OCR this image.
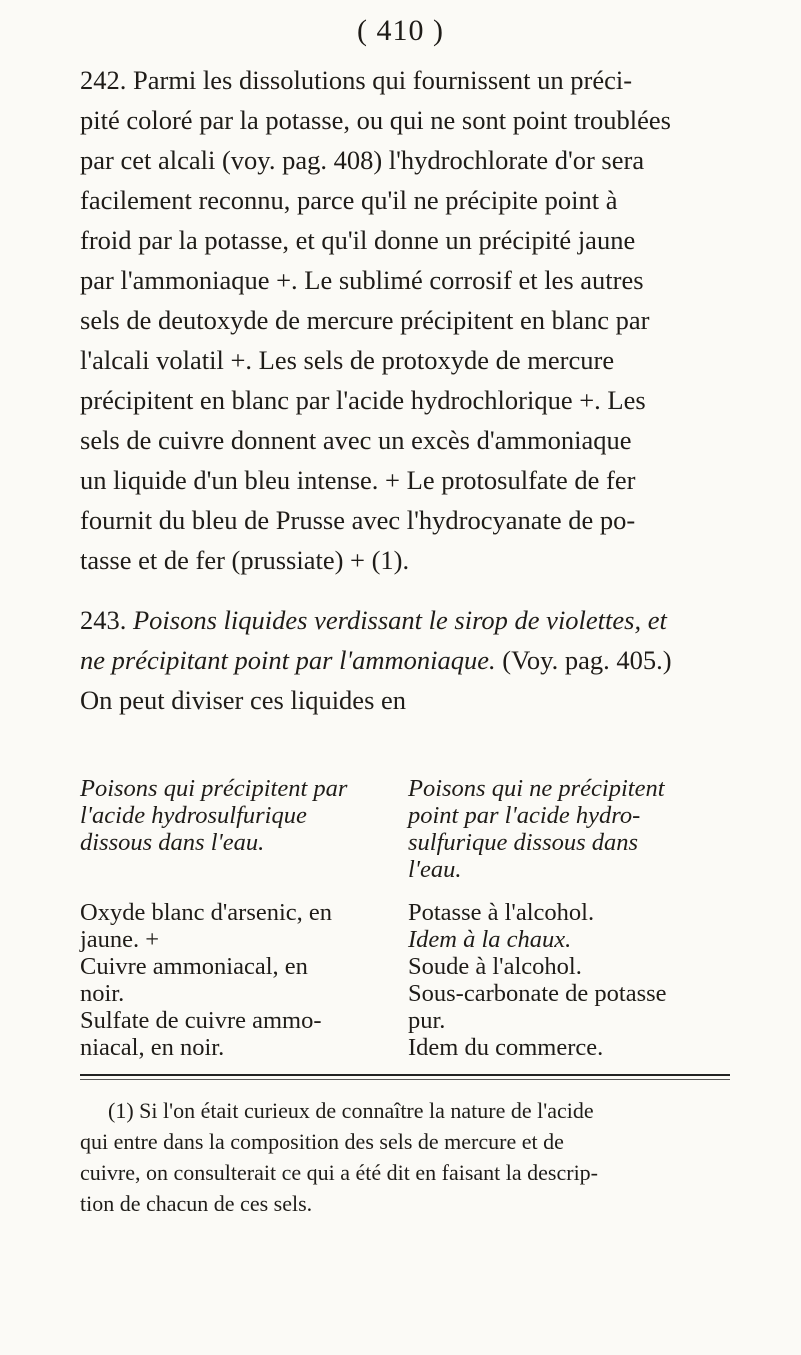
( 410 )
242. Parmi les dissolutions qui fournissent un préci-
pité coloré par la potasse, ou qui ne sont point troublées
par cet alcali (voy. pag. 408) l'hydrochlorate d'or sera
facilement reconnu, parce qu'il ne précipite point à
froid par la potasse, et qu'il donne un précipité jaune
par l'ammoniaque +. Le sublimé corrosif et les autres
sels de deutoxyde de mercure précipitent en blanc par
l'alcali volatil +. Les sels de protoxyde de mercure
précipitent en blanc par l'acide hydrochlorique +. Les
sels de cuivre donnent avec un excès d'ammoniaque
un liquide d'un bleu intense. + Le protosulfate de fer
fournit du bleu de Prusse avec l'hydrocyanate de po-
tasse et de fer (prussiate) + (1).
243. Poisons liquides verdissant le sirop de violettes, et
ne précipitant point par l'ammoniaque. (Voy. pag. 405.)
On peut diviser ces liquides en
Poisons qui précipitent par
l'acide hydrosulfurique
dissous dans l'eau.
Poisons qui ne précipitent
point par l'acide hydro-
sulfurique dissous dans
l'eau.
Oxyde blanc d'arsenic, en
jaune. +
Cuivre ammoniacal, en
noir.
Sulfate de cuivre ammo-
niacal, en noir.
Potasse à l'alcohol.
Idem à la chaux.
Soude à l'alcohol.
Sous-carbonate de potasse
pur.
Idem du commerce.
(1) Si l'on était curieux de connaître la nature de l'acide
qui entre dans la composition des sels de mercure et de
cuivre, on consulterait ce qui a été dit en faisant la descrip-
tion de chacun de ces sels.
